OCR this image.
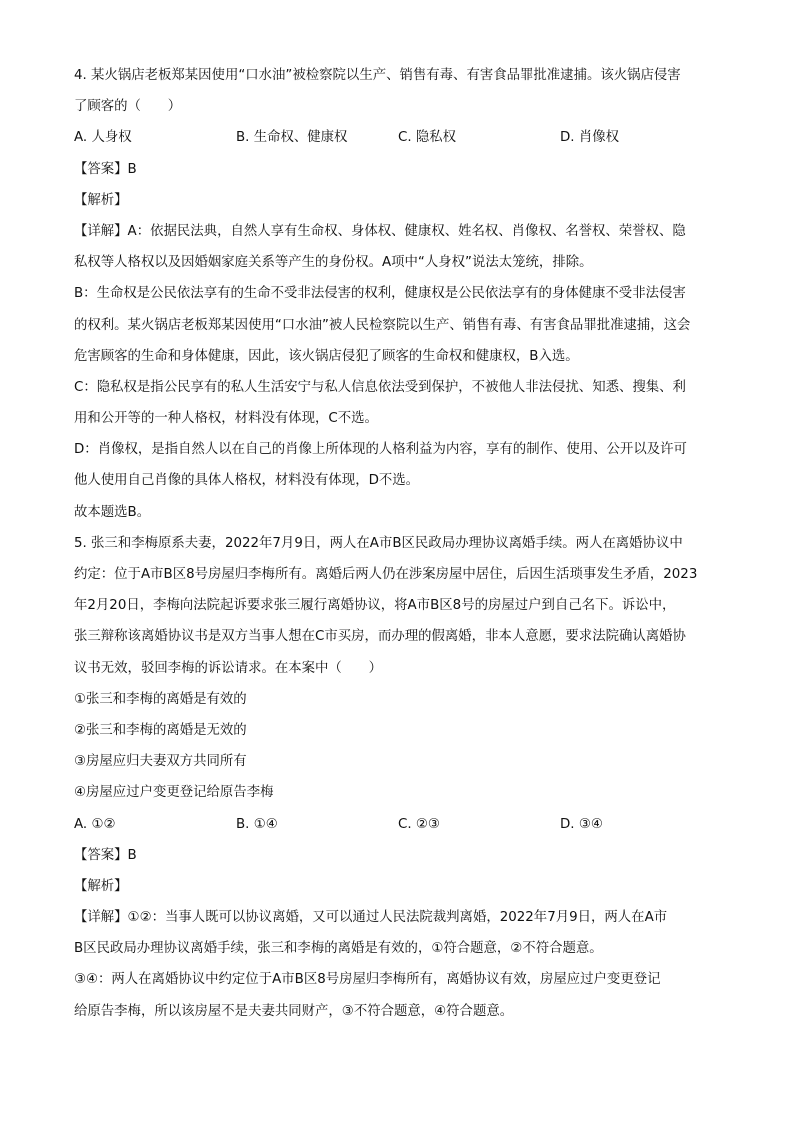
4. 某火锅店老板郑某因使用“口水油”被检察院以生产、销售有毒、有害食品罪批准逮捕。该火锅店侵害
了顾客的（　　）
A. 人身权	B. 生命权、健康权	C. 隐私权	D. 肖像权
【答案】B
【解析】
【详解】A：依据民法典，自然人享有生命权、身体权、健康权、姓名权、肖像权、名誉权、荣誉权、隐
私权等人格权以及因婚姻家庭关系等产生的身份权。A项中“人身权”说法太笼统，排除。
B：生命权是公民依法享有的生命不受非法侵害的权利，健康权是公民依法享有的身体健康不受非法侵害
的权利。某火锅店老板郑某因使用“口水油”被人民检察院以生产、销售有毒、有害食品罪批准逮捕，这会
危害顾客的生命和身体健康，因此，该火锅店侵犯了顾客的生命权和健康权，B入选。
C：隐私权是指公民享有的私人生活安宁与私人信息依法受到保护，不被他人非法侵扰、知悉、搜集、利
用和公开等的一种人格权，材料没有体现，C不选。
D：肖像权，是指自然人以在自己的肖像上所体现的人格利益为内容，享有的制作、使用、公开以及许可
他人使用自己肖像的具体人格权，材料没有体现，D不选。
故本题选B。
5. 张三和李梅原系夫妻，2022年7月9日，两人在A市B区民政局办理协议离婚手续。两人在离婚协议中
约定：位于A市B区8号房屋归李梅所有。离婚后两人仍在涉案房屋中居住，后因生活琐事发生矛盾，2023
年2月20日，李梅向法院起诉要求张三履行离婚协议，将A市B区8号的房屋过户到自己名下。诉讼中，
张三辩称该离婚协议书是双方当事人想在C市买房，而办理的假离婚，非本人意愿，要求法院确认离婚协
议书无效，驳回李梅的诉讼请求。在本案中（　　）
①张三和李梅的离婚是有效的
②张三和李梅的离婚是无效的
③房屋应归夫妻双方共同所有
④房屋应过户变更登记给原告李梅
A. ①②	B. ①④	C. ②③	D. ③④
【答案】B
【解析】
【详解】①②：当事人既可以协议离婚，又可以通过人民法院裁判离婚，2022年7月9日，两人在A市
B区民政局办理协议离婚手续，张三和李梅的离婚是有效的，①符合题意，②不符合题意。
③④：两人在离婚协议中约定位于A市B区8号房屋归李梅所有，离婚协议有效，房屋应过户变更登记
给原告李梅，所以该房屋不是夫妻共同财产，③不符合题意，④符合题意。
